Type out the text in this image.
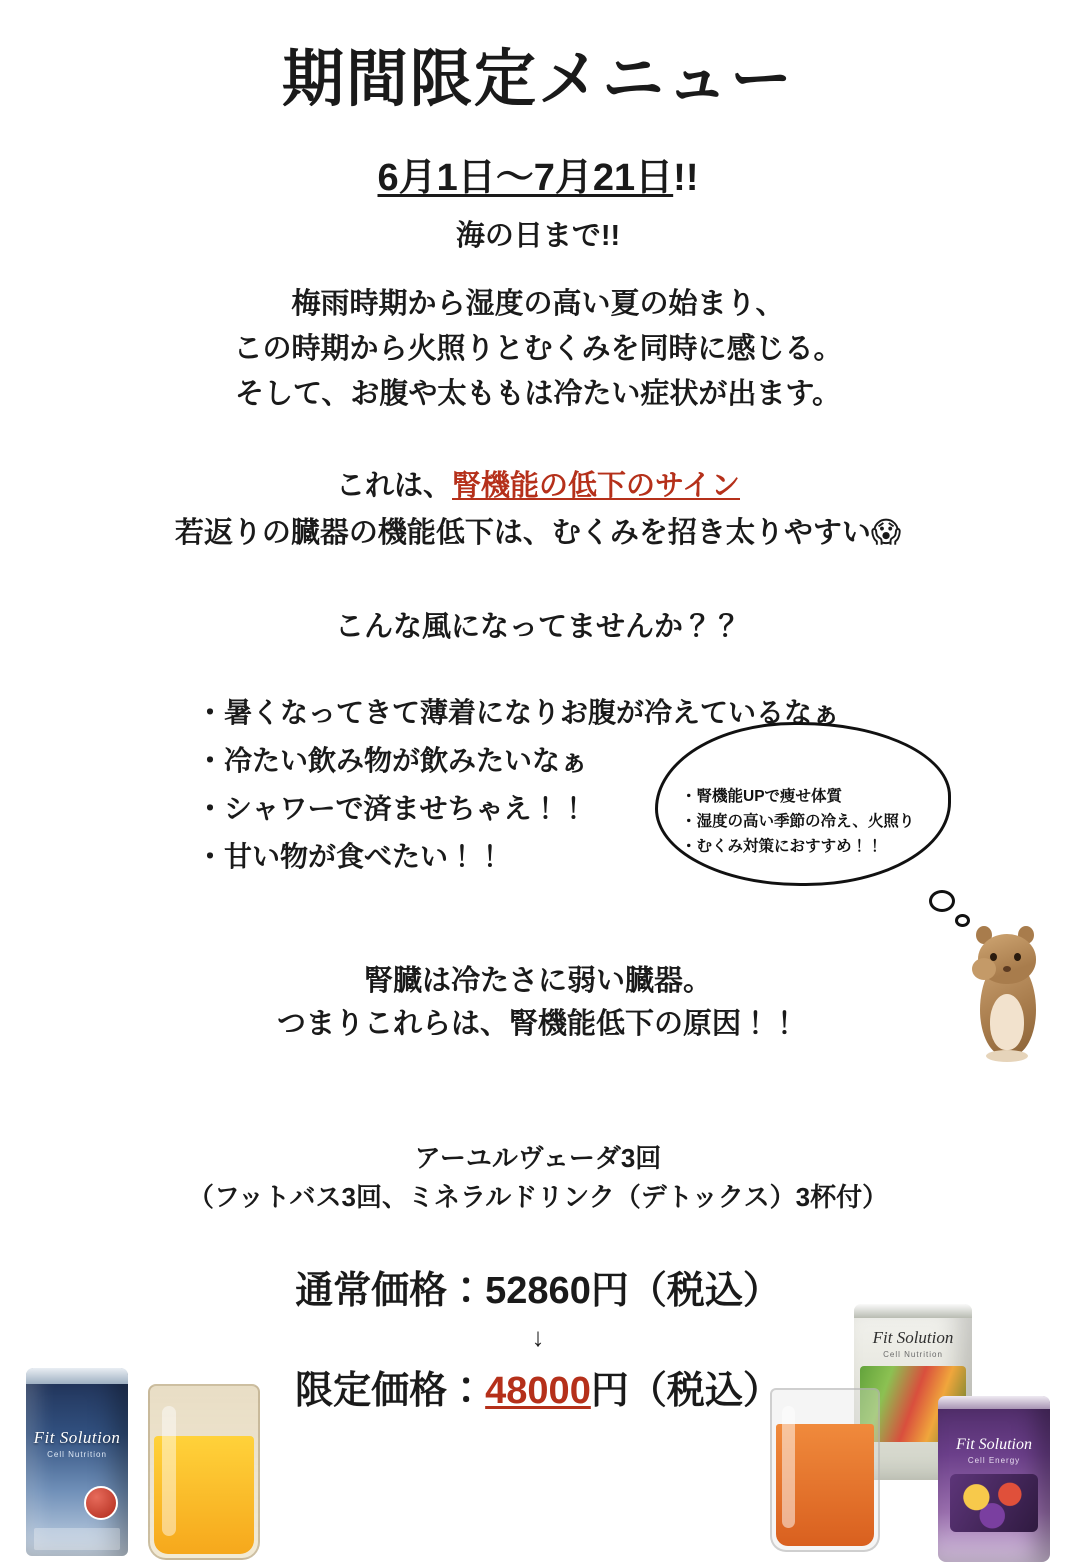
期間限定メニュー
6月1日〜7月21日!!
海の日まで!!
梅雨時期から湿度の高い夏の始まり、
この時期から火照りとむくみを同時に感じる。
そして、お腹や太ももは冷たい症状が出ます。
これは、腎機能の低下のサイン
若返りの臓器の機能低下は、むくみを招き太りやすい😱
こんな風になってませんか？？
・暑くなってきて薄着になりお腹が冷えているなぁ
・冷たい飲み物が飲みたいなぁ
・シャワーで済ませちゃえ！！
・甘い物が食べたい！！
・腎機能UPで痩せ体質
・湿度の高い季節の冷え、火照り
・むくみ対策におすすめ！！
腎臓は冷たさに弱い臓器。
つまりこれらは、腎機能低下の原因！！
アーユルヴェーダ3回
（フットバス3回、ミネラルドリンク（デトックス）3杯付）
通常価格：52860円（税込）
↓
限定価格：48000円（税込）
Fit Solution
Cell Nutrition
Fit Solution
Cell Nutrition
Fit Solution
Cell Energy
